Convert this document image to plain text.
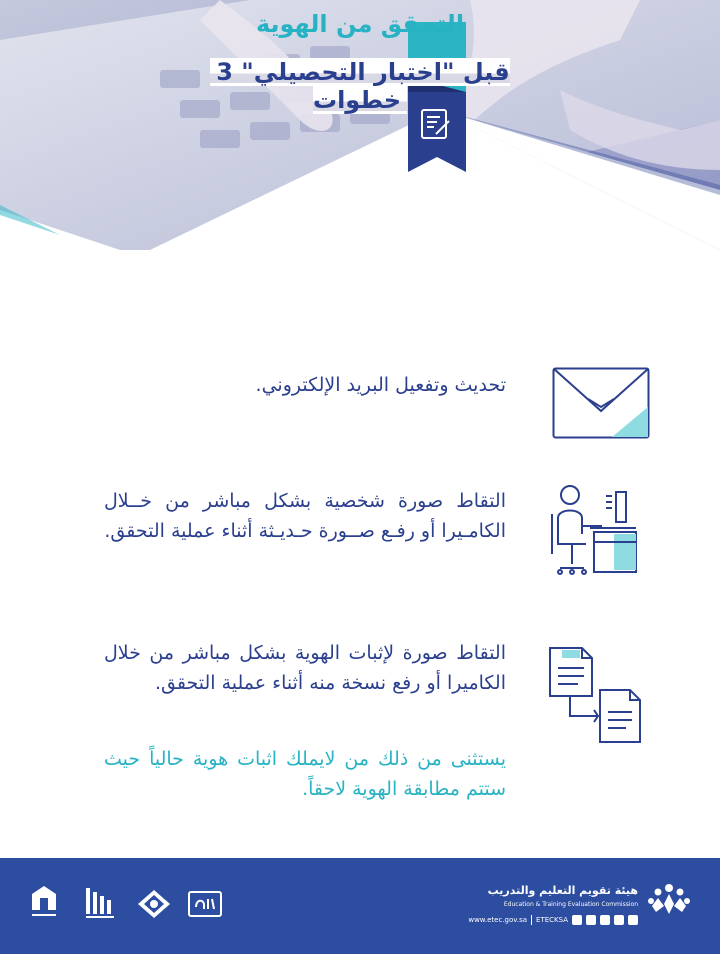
التحقق من الهوية
قبل "اختبار التحصيلي" 3 خطوات
تحديث وتفعيل البريد الإلكتروني.
التقاط صورة شخصية بشكل مباشر من خــلال الكامـيرا أو رفـع صــورة حـديـثة أثناء عملية التحقق.
التقاط صورة لإثبات الهوية بشكل مباشر من خلال الكاميرا أو رفع نسخة منه أثناء عملية التحقق.
يستثنى من ذلك من لايملك اثبات هوية حالياً حيث ستتم مطابقة الهوية لاحقاً.
هيئة تقويم التعليم والتدريب
Education & Training Evaluation Commission
www.etec.gov.sa ETECKSA
